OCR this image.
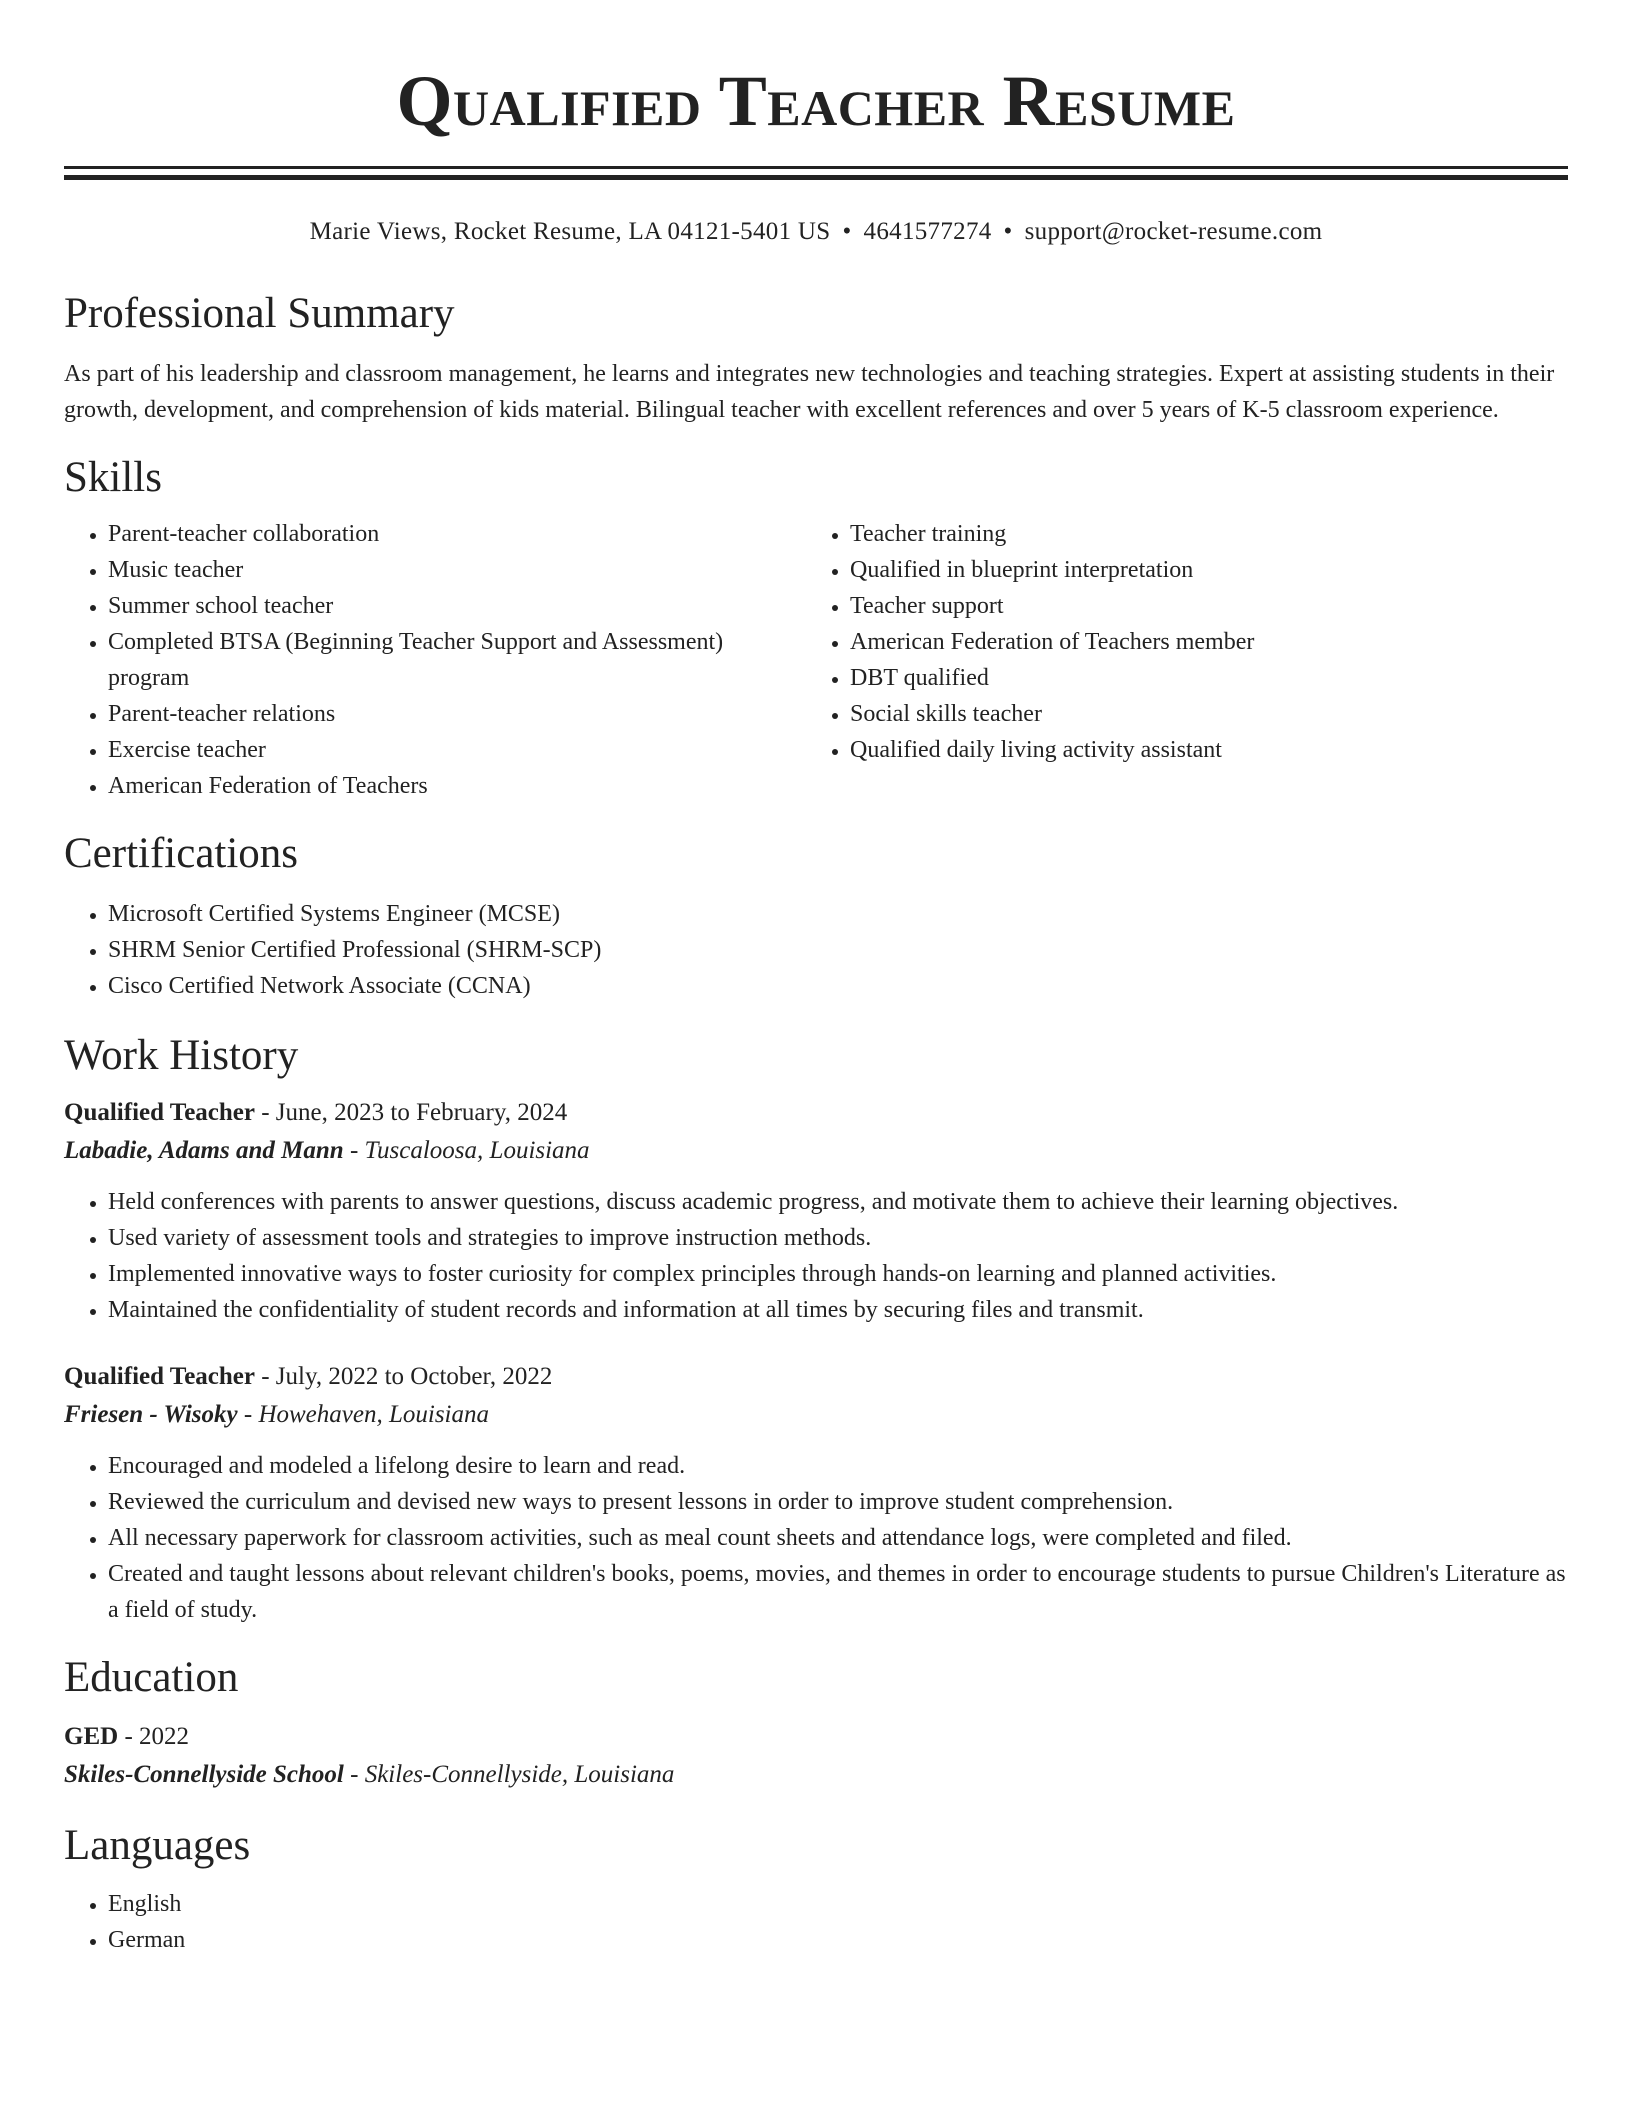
Qualified Teacher Resume
Marie Views, Rocket Resume, LA 04121-5401 US • 4641577274 • support@rocket-resume.com
Professional Summary

As part of his leadership and classroom management, he learns and integrates new technologies and teaching strategies. Expert at assisting students in their growth, development, and comprehension of kids material. Bilingual teacher with excellent references and over 5 years of K-5 classroom experience.

Skills
• Parent-teacher collaboration
• Music teacher
• Summer school teacher
• Completed BTSA (Beginning Teacher Support and Assessment) program
• Parent-teacher relations
• Exercise teacher
• American Federation of Teachers
• Teacher training
• Qualified in blueprint interpretation
• Teacher support
• American Federation of Teachers member
• DBT qualified
• Social skills teacher
• Qualified daily living activity assistant
Certifications
• Microsoft Certified Systems Engineer (MCSE)
• SHRM Senior Certified Professional (SHRM-SCP)
• Cisco Certified Network Associate (CCNA)
Work History
Qualified Teacher - June, 2023 to February, 2024
Labadie, Adams and Mann - Tuscaloosa, Louisiana
• Held conferences with parents to answer questions, discuss academic progress, and motivate them to achieve their learning objectives.
• Used variety of assessment tools and strategies to improve instruction methods.
• Implemented innovative ways to foster curiosity for complex principles through hands-on learning and planned activities.
• Maintained the confidentiality of student records and information at all times by securing files and transmit.
Qualified Teacher - July, 2022 to October, 2022
Friesen - Wisoky - Howehaven, Louisiana
• Encouraged and modeled a lifelong desire to learn and read.
• Reviewed the curriculum and devised new ways to present lessons in order to improve student comprehension.
• All necessary paperwork for classroom activities, such as meal count sheets and attendance logs, were completed and filed.
• Created and taught lessons about relevant children's books, poems, movies, and themes in order to encourage students to pursue Children's Literature as a field of study.
Education
GED - 2022
Skiles-Connellyside School - Skiles-Connellyside, Louisiana
Languages
• English
• German
